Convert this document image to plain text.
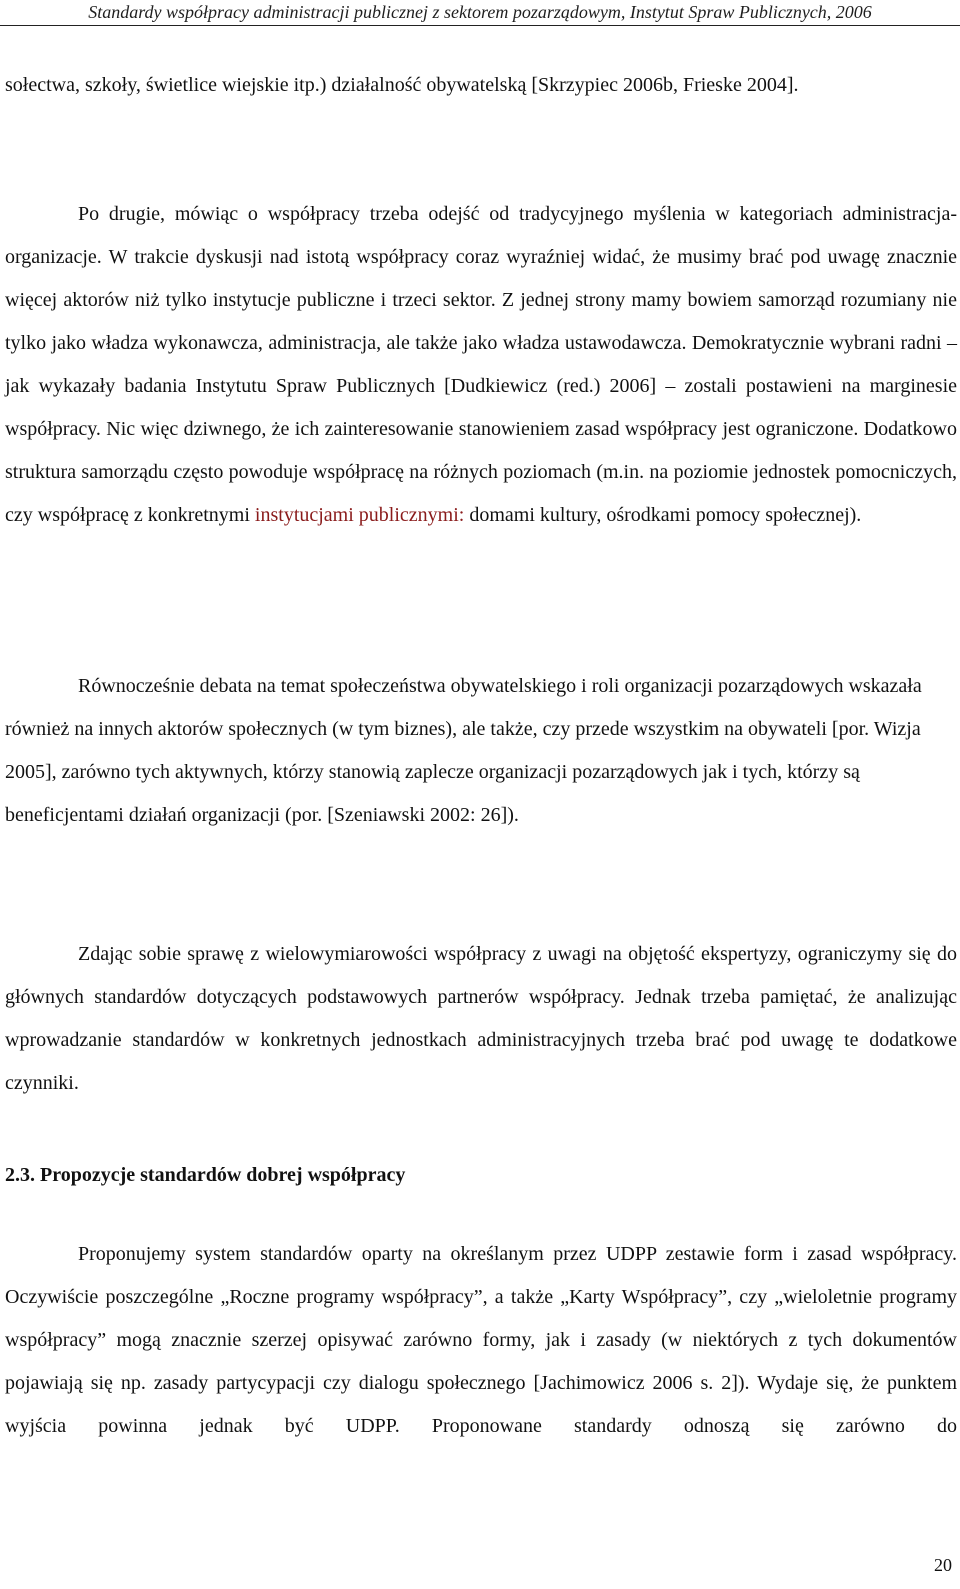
Standardy współpracy administracji publicznej z sektorem pozarządowym, Instytut Spraw Publicznych, 2006

sołectwa, szkoły, świetlice wiejskie itp.) działalność obywatelską [Skrzypiec 2006b, Frieske 2004].

Po drugie, mówiąc o współpracy trzeba odejść od tradycyjnego myślenia w kategoriach administracja-organizacje. W trakcie dyskusji nad istotą współpracy coraz wyraźniej widać, że musimy brać pod uwagę znacznie więcej aktorów niż tylko instytucje publiczne i trzeci sektor. Z jednej strony mamy bowiem samorząd rozumiany nie tylko jako władza wykonawcza, administracja, ale także jako władza ustawodawcza. Demokratycznie wybrani radni – jak wykazały badania Instytutu Spraw Publicznych [Dudkiewicz (red.) 2006] – zostali postawieni na marginesie współpracy. Nic więc dziwnego, że ich zainteresowanie stanowieniem zasad współpracy jest ograniczone. Dodatkowo struktura samorządu często powoduje współpracę na różnych poziomach (m.in. na poziomie jednostek pomocniczych, czy współpracę z konkretnymi instytucjami publicznymi: domami kultury, ośrodkami pomocy społecznej).

Równocześnie debata na temat społeczeństwa obywatelskiego i roli organizacji pozarządowych wskazała również na innych aktorów społecznych (w tym biznes), ale także, czy przede wszystkim na obywateli [por. Wizja 2005], zarówno tych aktywnych, którzy stanowią zaplecze organizacji pozarządowych jak i tych, którzy są beneficjentami działań organizacji (por. [Szeniawski 2002: 26]).

Zdając sobie sprawę z wielowymiarowości współpracy z uwagi na objętość ekspertyzy, ograniczymy się do głównych standardów dotyczących podstawowych partnerów współpracy. Jednak trzeba pamiętać, że analizując wprowadzanie standardów w konkretnych jednostkach administracyjnych trzeba brać pod uwagę te dodatkowe czynniki.

2.3. Propozycje standardów dobrej współpracy

Proponujemy system standardów oparty na określanym przez UDPP zestawie form i zasad współpracy. Oczywiście poszczególne „Roczne programy współpracy”, a także „Karty Współpracy”, czy „wieloletnie programy współpracy” mogą znacznie szerzej opisywać zarówno formy, jak i zasady (w niektórych z tych dokumentów pojawiają się np. zasady partycypacji czy dialogu społecznego [Jachimowicz 2006 s. 2]). Wydaje się, że punktem wyjścia powinna jednak być UDPP. Proponowane standardy odnoszą się zarówno do

20
